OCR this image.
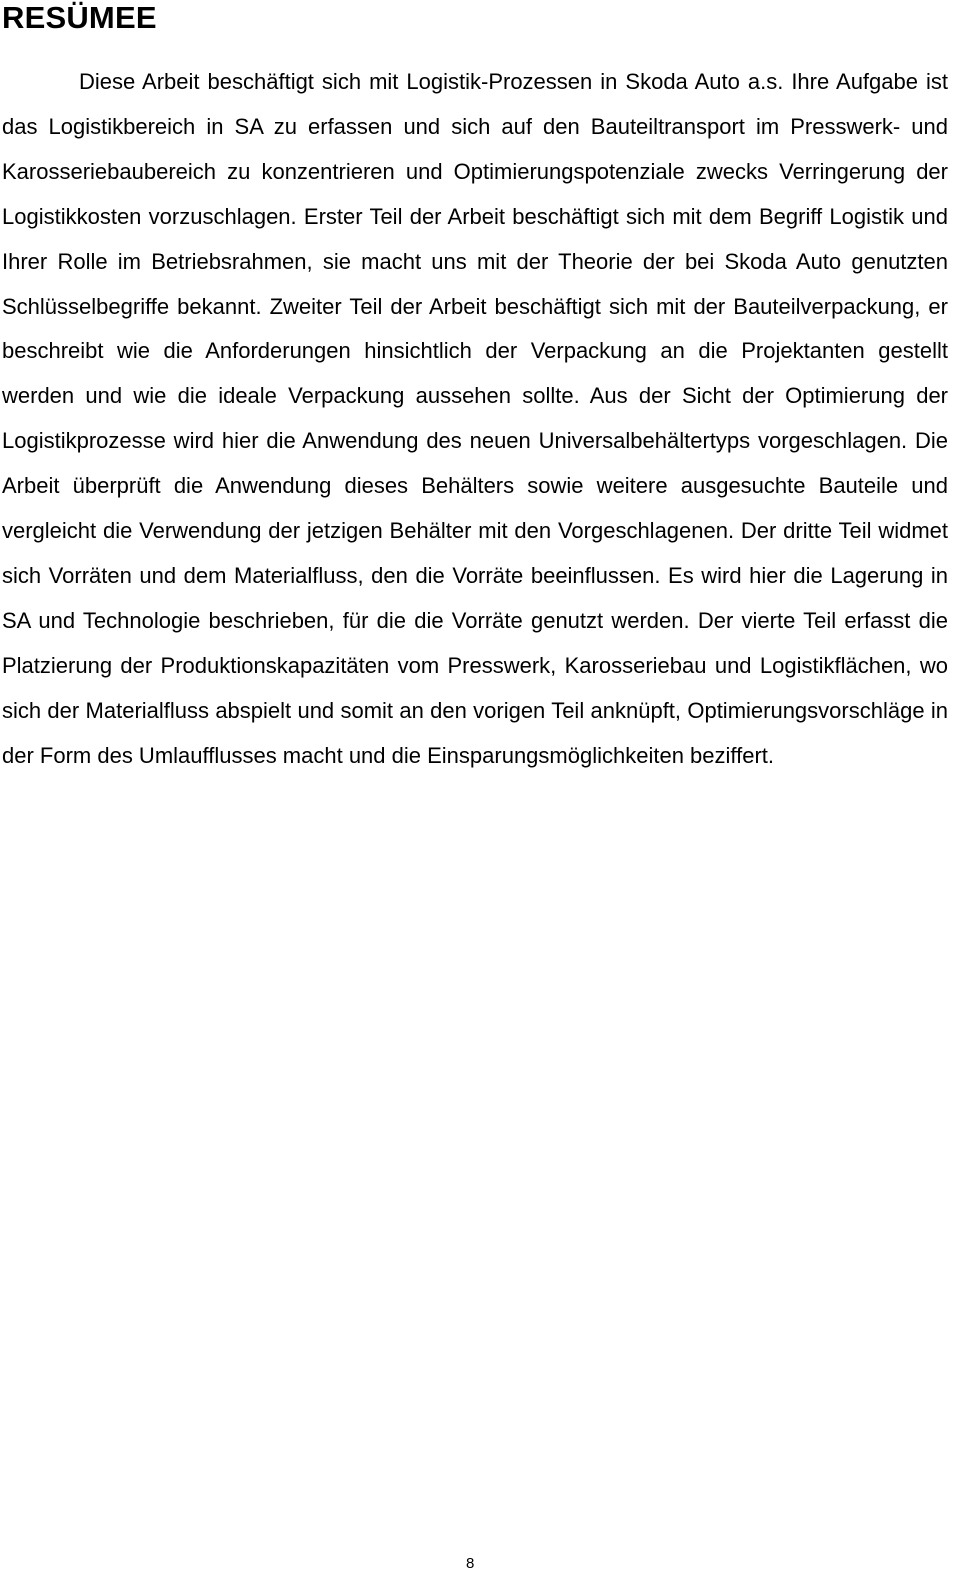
RESÜMEE

Diese Arbeit beschäftigt sich mit Logistik-Prozessen in Skoda Auto a.s. Ihre Aufgabe ist das Logistikbereich in SA zu erfassen und sich auf den Bauteiltransport im Presswerk- und Karosseriebaubereich zu konzentrieren und Optimierungspotenziale zwecks Verringerung der Logistikkosten vorzuschlagen. Erster Teil der Arbeit beschäftigt sich mit dem Begriff Logistik und Ihrer Rolle im Betriebsrahmen, sie macht uns mit der Theorie der bei Skoda Auto genutzten Schlüsselbegriffe bekannt. Zweiter Teil der Arbeit beschäftigt sich mit der Bauteilverpackung, er beschreibt wie die Anforderungen hinsichtlich der Verpackung an die Projektanten gestellt werden und wie die ideale Verpackung aussehen sollte. Aus der Sicht der Optimierung der Logistikprozesse wird hier die Anwendung des neuen Universalbehältertyps vorgeschlagen. Die Arbeit überprüft die Anwendung dieses Behälters sowie weitere ausgesuchte Bauteile und vergleicht die Verwendung der jetzigen Behälter mit den Vorgeschlagenen. Der dritte Teil widmet sich Vorräten und dem Materialfluss, den die Vorräte beeinflussen. Es wird hier die Lagerung in SA und Technologie beschrieben, für die die Vorräte genutzt werden. Der vierte Teil erfasst die Platzierung der Produktionskapazitäten vom Presswerk, Karosseriebau und Logistikflächen, wo sich der Materialfluss abspielt und somit an den vorigen Teil anknüpft, Optimierungsvorschläge in der Form des Umlaufflusses macht und die Einsparungsmöglichkeiten beziffert.

8
